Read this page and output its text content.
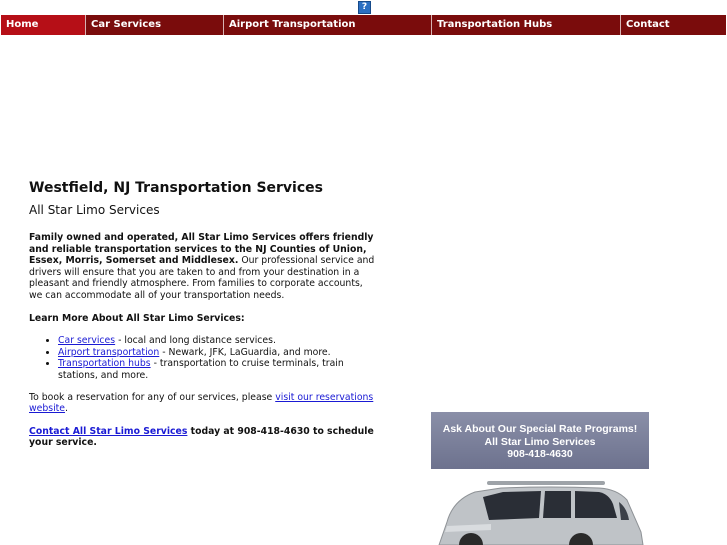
?
Home	Car Services	Airport Transportation	Transportation Hubs	Contact
Westfield, NJ Transportation Services
All Star Limo Services

Family owned and operated, All Star Limo Services offers friendly and reliable transportation services to the NJ Counties of Union, Essex, Morris, Somerset and Middlesex. Our professional service and drivers will ensure that you are taken to and from your destination in a pleasant and friendly atmosphere. From families to corporate accounts, we can accommodate all of your transportation needs.

Learn More About All Star Limo Services:

• Car services - local and long distance services.
• Airport transportation - Newark, JFK, LaGuardia, and more.
• Transportation hubs - transportation to cruise terminals, train stations, and more.

To book a reservation for any of our services, please visit our reservations website.

Contact All Star Limo Services today at 908-418-4630 to schedule your service.

Ask About Our Special Rate Programs!
All Star Limo Services
908-418-4630
